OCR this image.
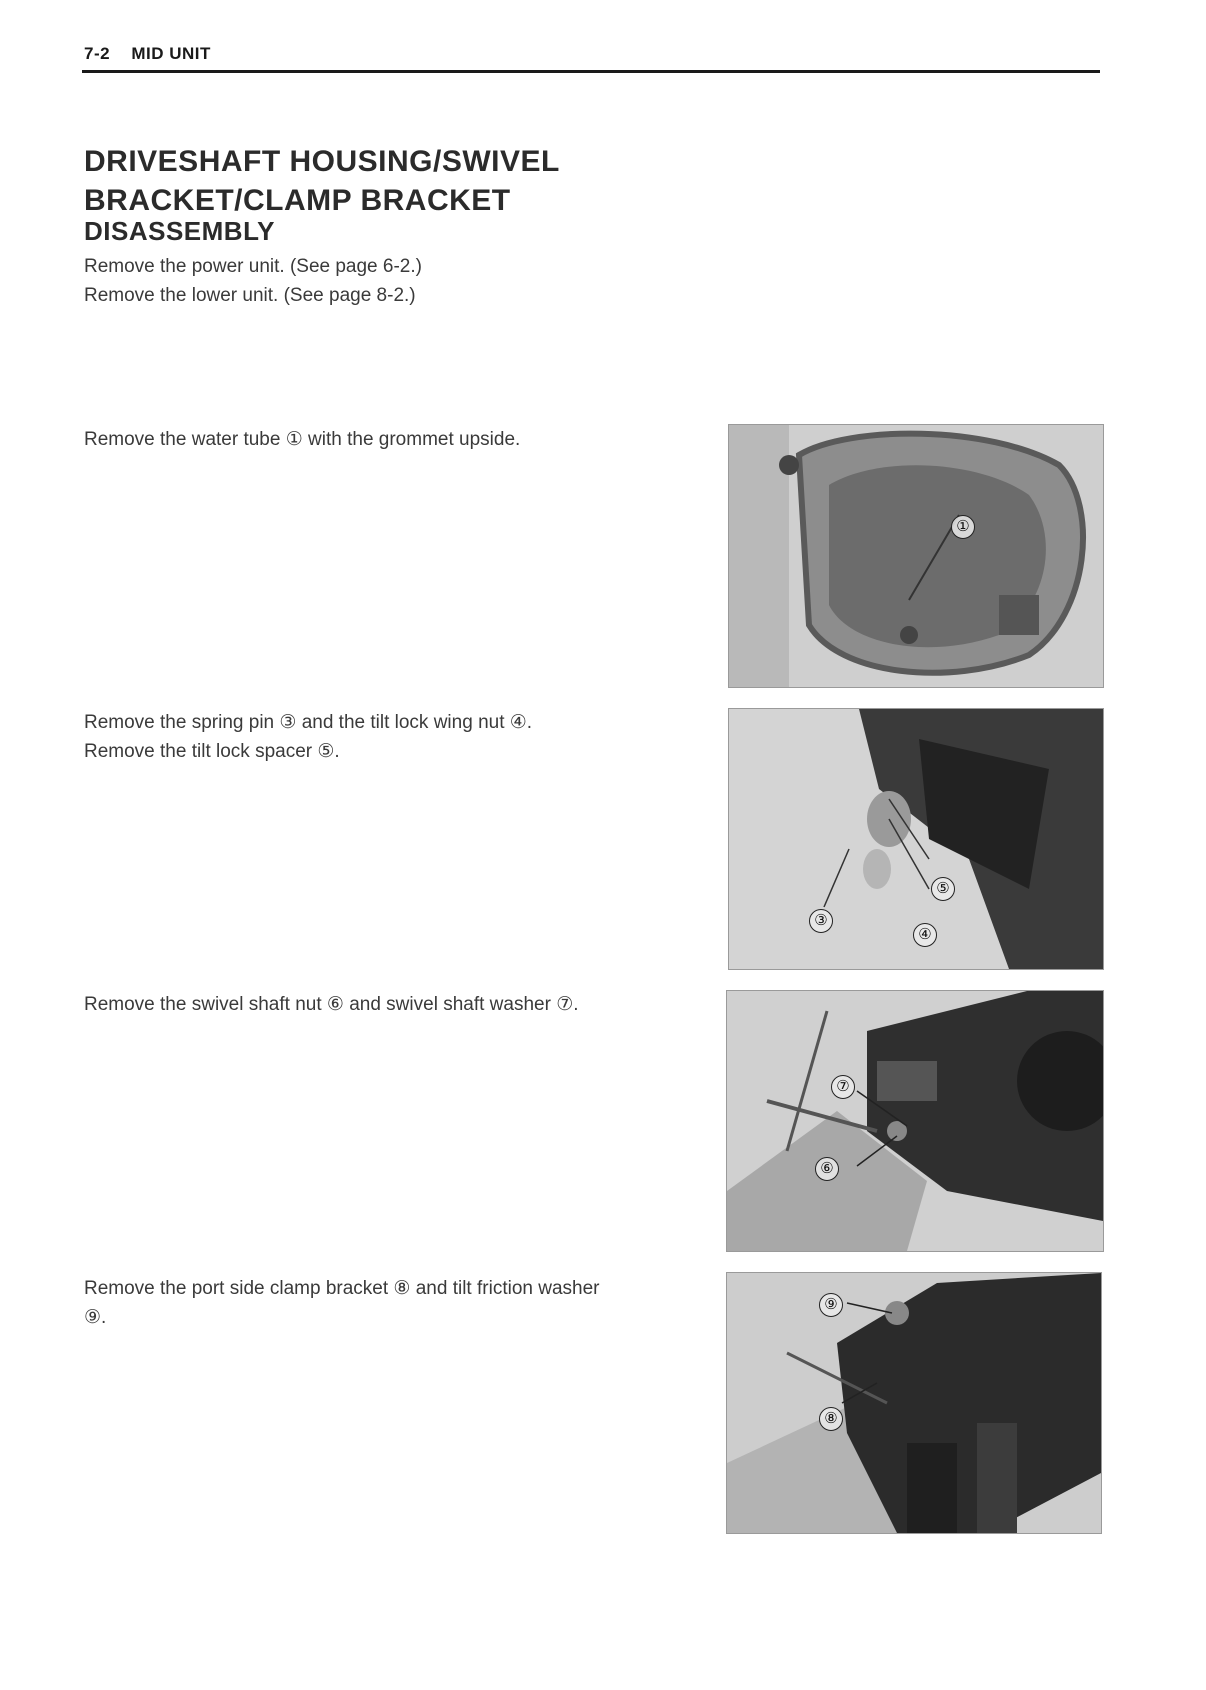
7-2 MID UNIT
DRIVESHAFT HOUSING/SWIVEL
BRACKET/CLAMP BRACKET
DISASSEMBLY
Remove the power unit. (See page 6-2.)
Remove the lower unit. (See page 8-2.)
Remove the water tube ① with the grommet upside.
①
Remove the spring pin ③ and the tilt lock wing nut ④.
Remove the tilt lock spacer ⑤.
⑤
③
④
Remove the swivel shaft nut ⑥ and swivel shaft washer ⑦.
⑦
⑥
Remove the port side clamp bracket ⑧ and tilt friction washer
⑨.
⑨
⑧
